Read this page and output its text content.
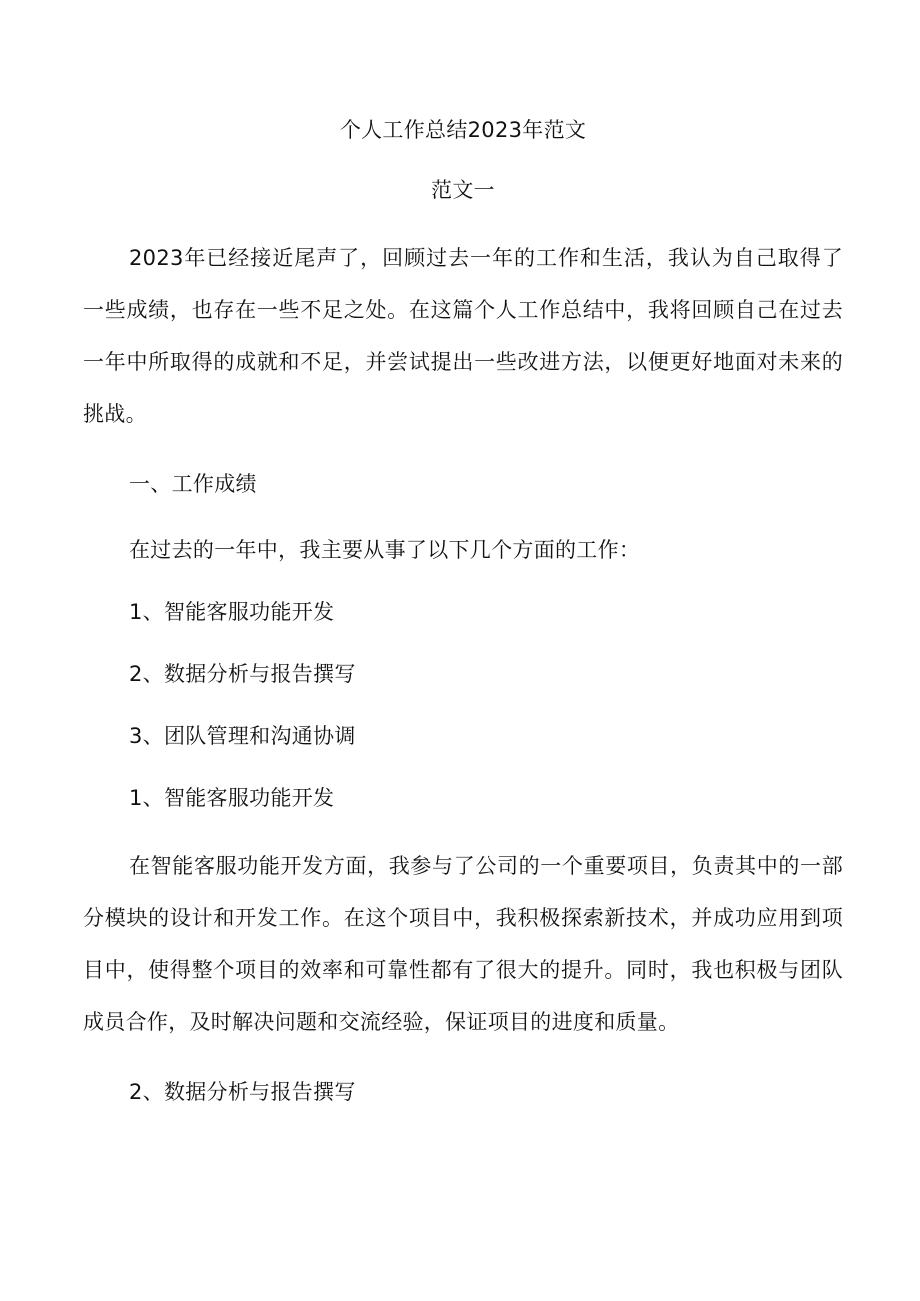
个人工作总结2023年范文
范文一

2023年已经接近尾声了，回顾过去一年的工作和生活，我认为自己取得了一些成绩，也存在一些不足之处。在这篇个人工作总结中，我将回顾自己在过去一年中所取得的成就和不足，并尝试提出一些改进方法，以便更好地面对未来的挑战。

一、工作成绩
在过去的一年中，我主要从事了以下几个方面的工作：
1、智能客服功能开发
2、数据分析与报告撰写
3、团队管理和沟通协调
1、智能客服功能开发

在智能客服功能开发方面，我参与了公司的一个重要项目，负责其中的一部分模块的设计和开发工作。在这个项目中，我积极探索新技术，并成功应用到项目中，使得整个项目的效率和可靠性都有了很大的提升。同时，我也积极与团队成员合作，及时解决问题和交流经验，保证项目的进度和质量。

2、数据分析与报告撰写
